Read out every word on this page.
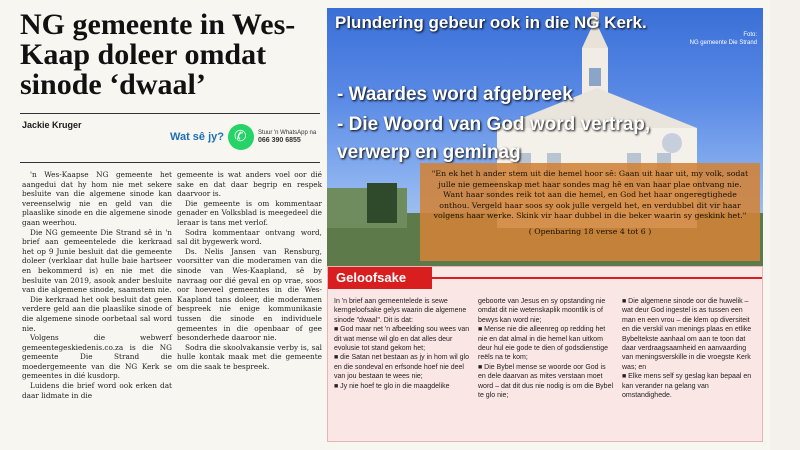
NG gemeente in Wes-Kaap doleer omdat sinode ‘dwaal’
Jackie Kruger
Wat sê jy?
✆	Stuur 'n WhatsApp na
066 390 6855

'n Wes-Kaapse NG gemeente het aangedui dat hy hom nie met sekere besluite van die algemene sinode kan vereenselwig nie en geld van die plaaslike sinode en die algemene sinode gaan weerhou.

Die NG gemeente Die Strand sê in 'n brief aan gemeentelede die kerkraad het op 9 Junie besluit dat die gemeente doleer (verklaar dat hulle baie hartseer en bekommerd is) en nie met die besluite van 2019, asook ander besluite van die algemene sinode, saamstem nie.

Die kerkraad het ook besluit dat geen verdere geld aan die plaaslike sinode of die algemene sinode oorbetaal sal word nie.

Volgens die webwerf gemeentegeskiedenis.co.za is die NG gemeente Die Strand die moedergemeente van die NG Kerk se gemeentes in dié kusdorp.

Luidens die brief word ook erken dat daar lidmate in die

gemeente is wat anders voel oor dié sake en dat daar begrip en respek daarvoor is.

Die gemeente is om kommentaar genader en Volksblad is meegedeel die leraar is tans met verlof.

Sodra kommentaar ontvang word, sal dit bygewerk word.

Ds. Nelis Jansen van Rensburg, voorsitter van die moderamen van die sinode van Wes-Kaapland, sê by navraag oor dié geval en op vrae, soos oor hoeveel gemeentes in die Wes-Kaapland tans doleer, die moderamen bespreek nie enige kommunikasie tussen die sinode en individuele gemeentes in die openbaar of gee besonderhede daaroor nie.

Sodra die skoolvakansie verby is, sal hulle kontak maak met die gemeente om die saak te bespreek.

Plundering gebeur ook in die NG Kerk.
Foto:
NG gemeente Die Strand
- Waardes word afgebreek
- Die Woord van God word vertrap,
verwerp en geminag
"En ek het h ander stem uit die hemel hoor sê: Gaan uit haar uit, my volk, sodat julle nie gemeenskap met haar sondes mag hê en van haar plae ontvang nie. Want haar sondes reik tot aan die hemel, en God het haar ongeregtighede onthou. Vergeld haar soos sy ook julle vergeld het, en verdubbel dit vir haar volgens haar werke. Skink vir haar dubbel in die beker waarin sy geskink het."
( Openbaring 18 verse 4 tot 6 )
Geloofsake

In 'n brief aan gemeentelede is sewe kerngeloofsake gelys waarin die algemene sinode "dwaal". Dit is dat:

■ God maar net 'n afbeelding sou wees van dit wat mense wil glo en dat alles deur evolusie tot stand gekom het;

■ die Satan net bestaan as jy in hom wil glo en die sondeval en erfsonde hoef nie deel van jou bestaan te wees nie;

■ Jy nie hoef te glo in die maagdelike

geboorte van Jesus en sy opstanding nie omdat dit nie wetenskaplik moontlik is of bewys kan word nie;

■ Mense nie die alleenreg op redding het nie en dat almal in die hemel kan uitkom deur hul eie gode te dien of godsdienstige reëls na te kom;

■ Die Bybel mense se woorde oor God is en dele daarvan as mites verstaan moet word – dat dit dus nie nodig is om die Bybel te glo nie;

■ Die algemene sinode oor die huwelik – wat deur God ingestel is as tussen een man en een vrou – die klem op diversiteit en die verskil van menings plaas en etlike Bybeltekste aanhaal om aan te toon dat daar verdraagsaamheid en aanvaarding van meningsverskille in die vroegste Kerk was; en

■ Elke mens self sy geslag kan bepaal en kan verander na gelang van omstandighede.
